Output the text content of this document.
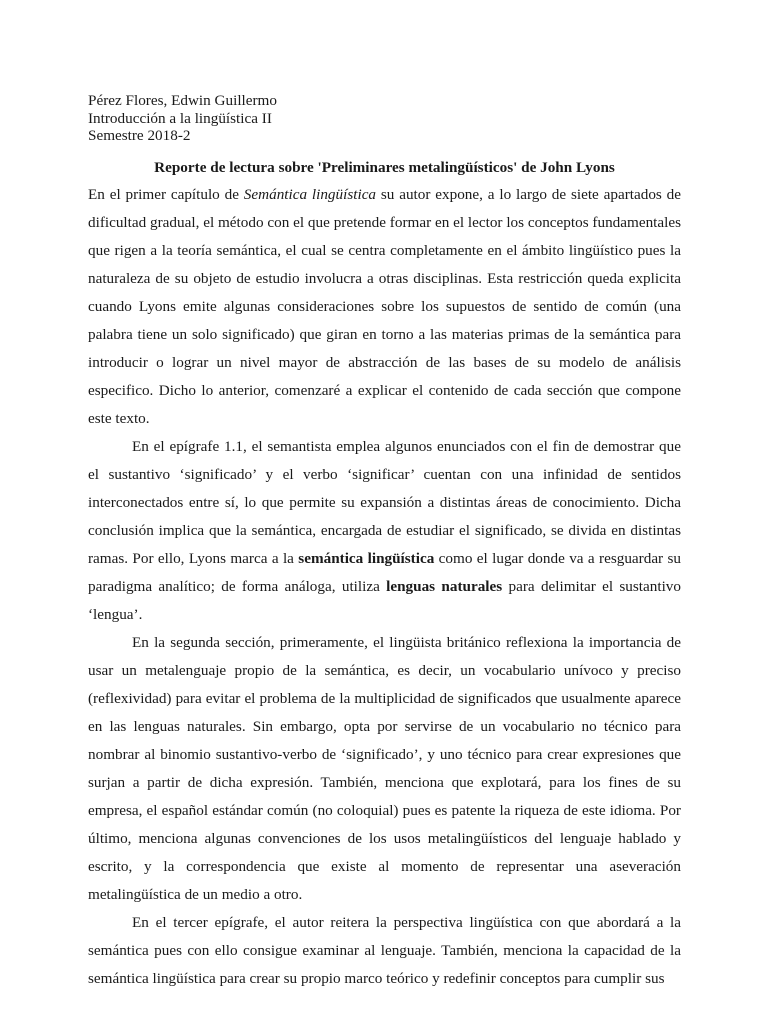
Pérez Flores, Edwin Guillermo

Introducción a la lingüística II

Semestre 2018-2

Reporte de lectura sobre 'Preliminares metalingüísticos' de John Lyons

En el primer capítulo de Semántica lingüística su autor expone, a lo largo de siete apartados de dificultad gradual, el método con el que pretende formar en el lector los conceptos fundamentales que rigen a la teoría semántica, el cual se centra completamente en el ámbito lingüístico pues la naturaleza de su objeto de estudio involucra a otras disciplinas. Esta restricción queda explicita cuando Lyons emite algunas consideraciones sobre los supuestos de sentido de común (una palabra tiene un solo significado) que giran en torno a las materias primas de la semántica para introducir o lograr un nivel mayor de abstracción de las bases de su modelo de análisis especifico. Dicho lo anterior, comenzaré a explicar el contenido de cada sección que compone este texto.

En el epígrafe 1.1, el semantista emplea algunos enunciados con el fin de demostrar que el sustantivo ‘significado’ y el verbo ‘significar’ cuentan con una infinidad de sentidos interconectados entre sí, lo que permite su expansión a distintas áreas de conocimiento. Dicha conclusión implica que la semántica, encargada de estudiar el significado, se divida en distintas ramas. Por ello, Lyons marca a la semántica lingüística como el lugar donde va a resguardar su paradigma analítico; de forma análoga, utiliza lenguas naturales para delimitar el sustantivo ‘lengua’.

En la segunda sección, primeramente, el lingüista británico reflexiona la importancia de usar un metalenguaje propio de la semántica, es decir, un vocabulario unívoco y preciso (reflexividad) para evitar el problema de la multiplicidad de significados que usualmente aparece en las lenguas naturales. Sin embargo, opta por servirse de un vocabulario no técnico para nombrar al binomio sustantivo-verbo de ‘significado’, y uno técnico para crear expresiones que surjan a partir de dicha expresión. También, menciona que explotará, para los fines de su empresa, el español estándar común (no coloquial) pues es patente la riqueza de este idioma. Por último, menciona algunas convenciones de los usos metalingüísticos del lenguaje hablado y escrito, y la correspondencia que existe al momento de representar una aseveración metalingüística de un medio a otro.

En el tercer epígrafe, el autor reitera la perspectiva lingüística con que abordará a la semántica pues con ello consigue examinar al lenguaje. También, menciona la capacidad de la semántica lingüística para crear su propio marco teórico y redefinir conceptos para cumplir sus
